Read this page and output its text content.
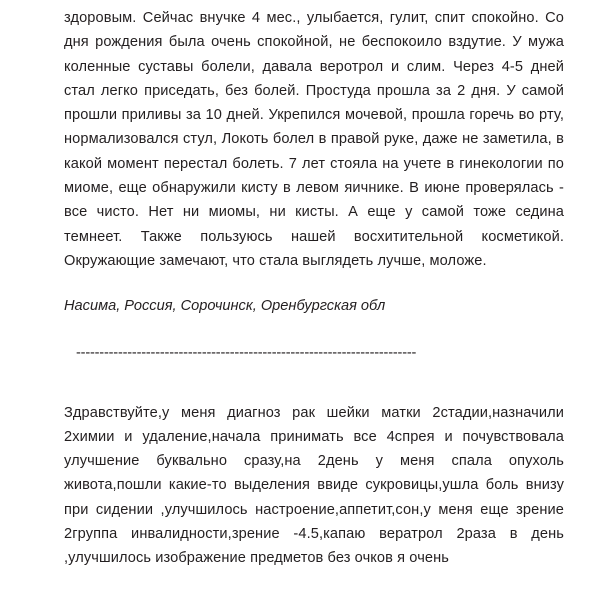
здоровым. Сейчас внучке 4 мес., улыбается, гулит, спит спокойно. Со дня рождения была очень спокойной, не беспокоило вздутие. У мужа коленные суставы болели, давала веротрол и слим. Через 4-5 дней стал легко приседать, без болей. Простуда прошла за 2 дня. У самой прошли приливы за 10 дней. Укрепился мочевой, прошла горечь во рту, нормализовался стул, Локоть болел в правой руке, даже не заметила, в какой момент перестал болеть. 7 лет стояла на учете в гинекологии по миоме, еще обнаружили кисту в левом яичнике. В июне проверялась - все чисто. Нет ни миомы, ни кисты. А еще у самой тоже седина темнеет. Также пользуюсь нашей восхитительной косметикой. Окружающие замечают, что стала выглядеть лучше, моложе.

Насима, Россия, Сорочинск, Оренбургская обл

-------------------------------------------------------------------------

Здравствуйте,у меня диагноз рак шейки матки 2стадии,назначили 2химии и удаление,начала принимать все 4спрея и почувствовала улучшение буквально сразу,на 2день у меня спала опухоль живота,пошли какие-то выделения ввиде сукровицы,ушла боль внизу при сидении ,улучшилось настроение,аппетит,сон,у меня еще зрение 2группа инвалидности,зрение -4.5,капаю вератрол 2раза в день ,улучшилось изображение предметов без очков я очень
